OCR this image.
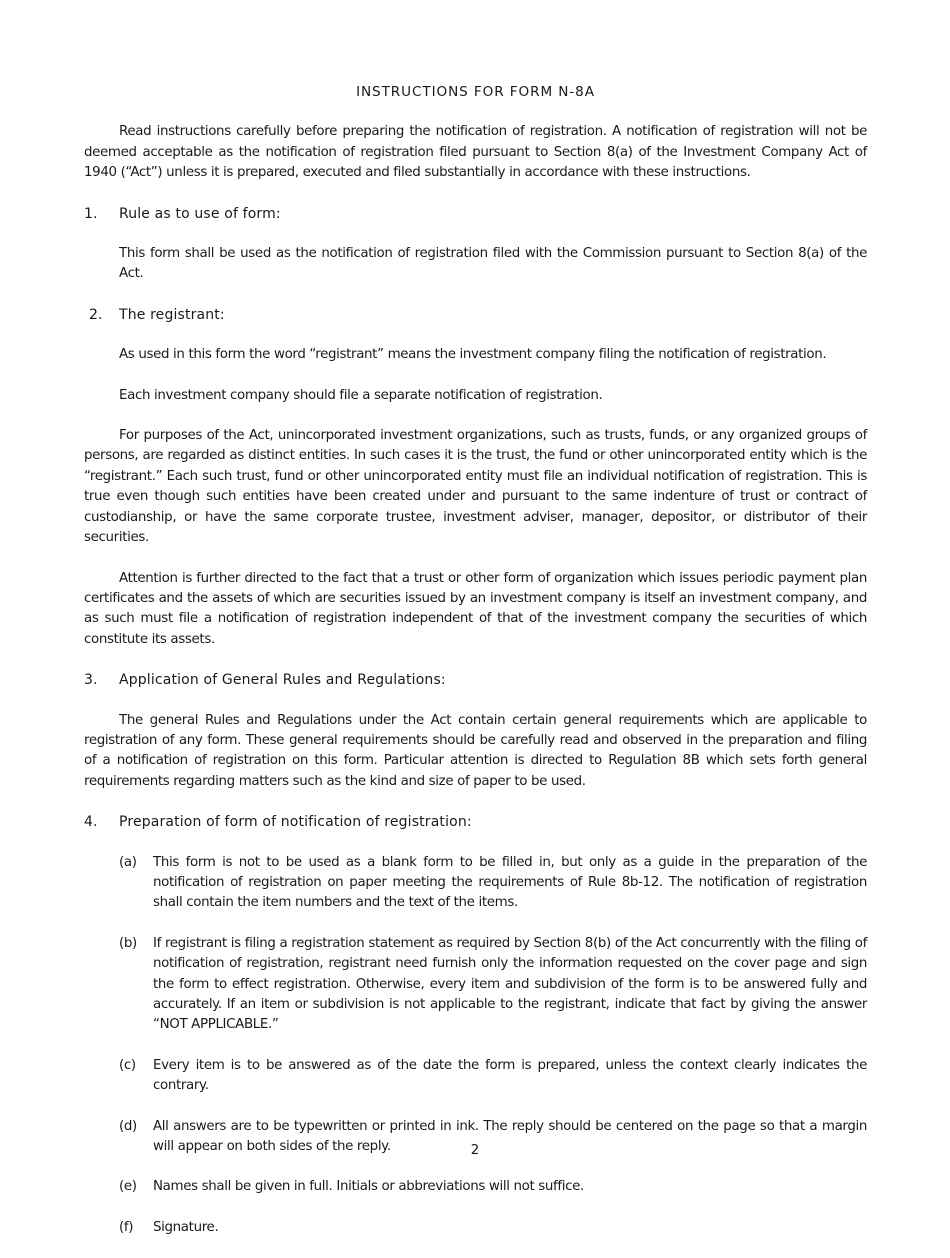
INSTRUCTIONS FOR FORM N-8A

Read instructions carefully before preparing the notification of registration. A notification of registration will not be deemed acceptable as the notification of registration filed pursuant to Section 8(a) of the Investment Company Act of 1940 (“Act”) unless it is prepared, executed and filed substantially in accordance with these instructions.

1.	Rule as to use of form:

This form shall be used as the notification of registration filed with the Commission pursuant to Section 8(a) of the Act.

2.	The registrant:

As used in this form the word “registrant” means the investment company filing the notification of registration.

Each investment company should file a separate notification of registration.

For purposes of the Act, unincorporated investment organizations, such as trusts, funds, or any organized groups of persons, are regarded as distinct entities. In such cases it is the trust, the fund or other unincorporated entity which is the “registrant.” Each such trust, fund or other unincorporated entity must file an individual notification of registration. This is true even though such entities have been created under and pursuant to the same indenture of trust or contract of custodianship, or have the same corporate trustee, investment adviser, manager, depositor, or distributor of their securities.

Attention is further directed to the fact that a trust or other form of organization which issues periodic payment plan certificates and the assets of which are securities issued by an investment company is itself an investment company, and as such must file a notification of registration independent of that of the investment company the securities of which constitute its assets.

3.	Application of General Rules and Regulations:

The general Rules and Regulations under the Act contain certain general requirements which are applicable to registration of any form. These general requirements should be carefully read and observed in the preparation and filing of a notification of registration on this form. Particular attention is directed to Regulation 8B which sets forth general requirements regarding matters such as the kind and size of paper to be used.

4.	Preparation of form of notification of registration:
(a)	This form is not to be used as a blank form to be filled in, but only as a guide in the preparation of the notification of registration on paper meeting the requirements of Rule 8b-12. The notification of registration shall contain the item numbers and the text of the items.
(b)	If registrant is filing a registration statement as required by Section 8(b) of the Act concurrently with the filing of notification of registration, registrant need furnish only the information requested on the cover page and sign the form to effect registration. Otherwise, every item and subdivision of the form is to be answered fully and accurately. If an item or subdivision is not applicable to the registrant, indicate that fact by giving the answer “NOT APPLICABLE.”
(c)	Every item is to be answered as of the date the form is prepared, unless the context clearly indicates the contrary.
(d)	All answers are to be typewritten or printed in ink. The reply should be centered on the page so that a margin will appear on both sides of the reply.
(e)	Names shall be given in full. Initials or abbreviations will not suffice.
(f)	Signature.
2
